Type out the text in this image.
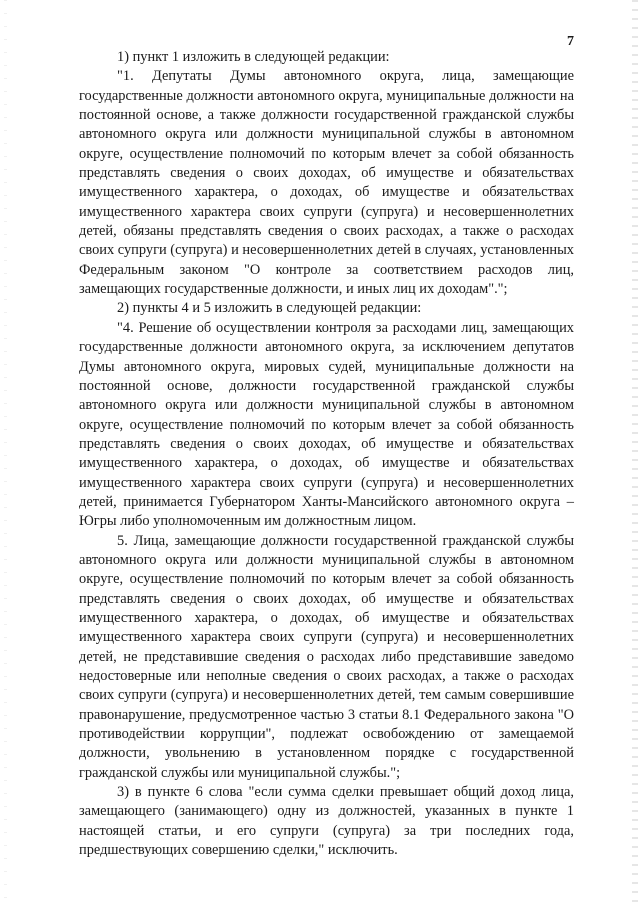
7

1) пункт 1 изложить в следующей редакции:

"1. Депутаты Думы автономного округа, лица, замещающие государственные должности автономного округа, муниципальные должности на постоянной основе, а также должности государственной гражданской службы автономного округа или должности муниципальной службы в автономном округе, осуществление полномочий по которым влечет за собой обязанность представлять сведения о своих доходах, об имуществе и обязательствах имущественного характера, о доходах, об имуществе и обязательствах имущественного характера своих супруги (супруга) и несовершеннолетних детей, обязаны представлять сведения о своих расходах, а также о расходах своих супруги (супруга) и несовершеннолетних детей в случаях, установленных Федеральным законом "О контроле за соответствием расходов лиц, замещающих государственные должности, и иных лиц их доходам".";

2) пункты 4 и 5 изложить в следующей редакции:

"4. Решение об осуществлении контроля за расходами лиц, замещающих государственные должности автономного округа, за исключением депутатов Думы автономного округа, мировых судей, муниципальные должности на постоянной основе, должности государственной гражданской службы автономного округа или должности муниципальной службы в автономном округе, осуществление полномочий по которым влечет за собой обязанность представлять сведения о своих доходах, об имуществе и обязательствах имущественного характера, о доходах, об имуществе и обязательствах имущественного характера своих супруги (супруга) и несовершеннолетних детей, принимается Губернатором Ханты-Мансийского автономного округа – Югры либо уполномоченным им должностным лицом.

5. Лица, замещающие должности государственной гражданской службы автономного округа или должности муниципальной службы в автономном округе, осуществление полномочий по которым влечет за собой обязанность представлять сведения о своих доходах, об имуществе и обязательствах имущественного характера, о доходах, об имуществе и обязательствах имущественного характера своих супруги (супруга) и несовершеннолетних детей, не представившие сведения о расходах либо представившие заведомо недостоверные или неполные сведения о своих расходах, а также о расходах своих супруги (супруга) и несовершеннолетних детей, тем самым совершившие правонарушение, предусмотренное частью 3 статьи 8.1 Федерального закона "О противодействии коррупции", подлежат освобождению от замещаемой должности, увольнению в установленном порядке с государственной гражданской службы или муниципальной службы.";

3) в пункте 6 слова "если сумма сделки превышает общий доход лица, замещающего (занимающего) одну из должностей, указанных в пункте 1 настоящей статьи, и его супруги (супруга) за три последних года, предшествующих совершению сделки," исключить.
